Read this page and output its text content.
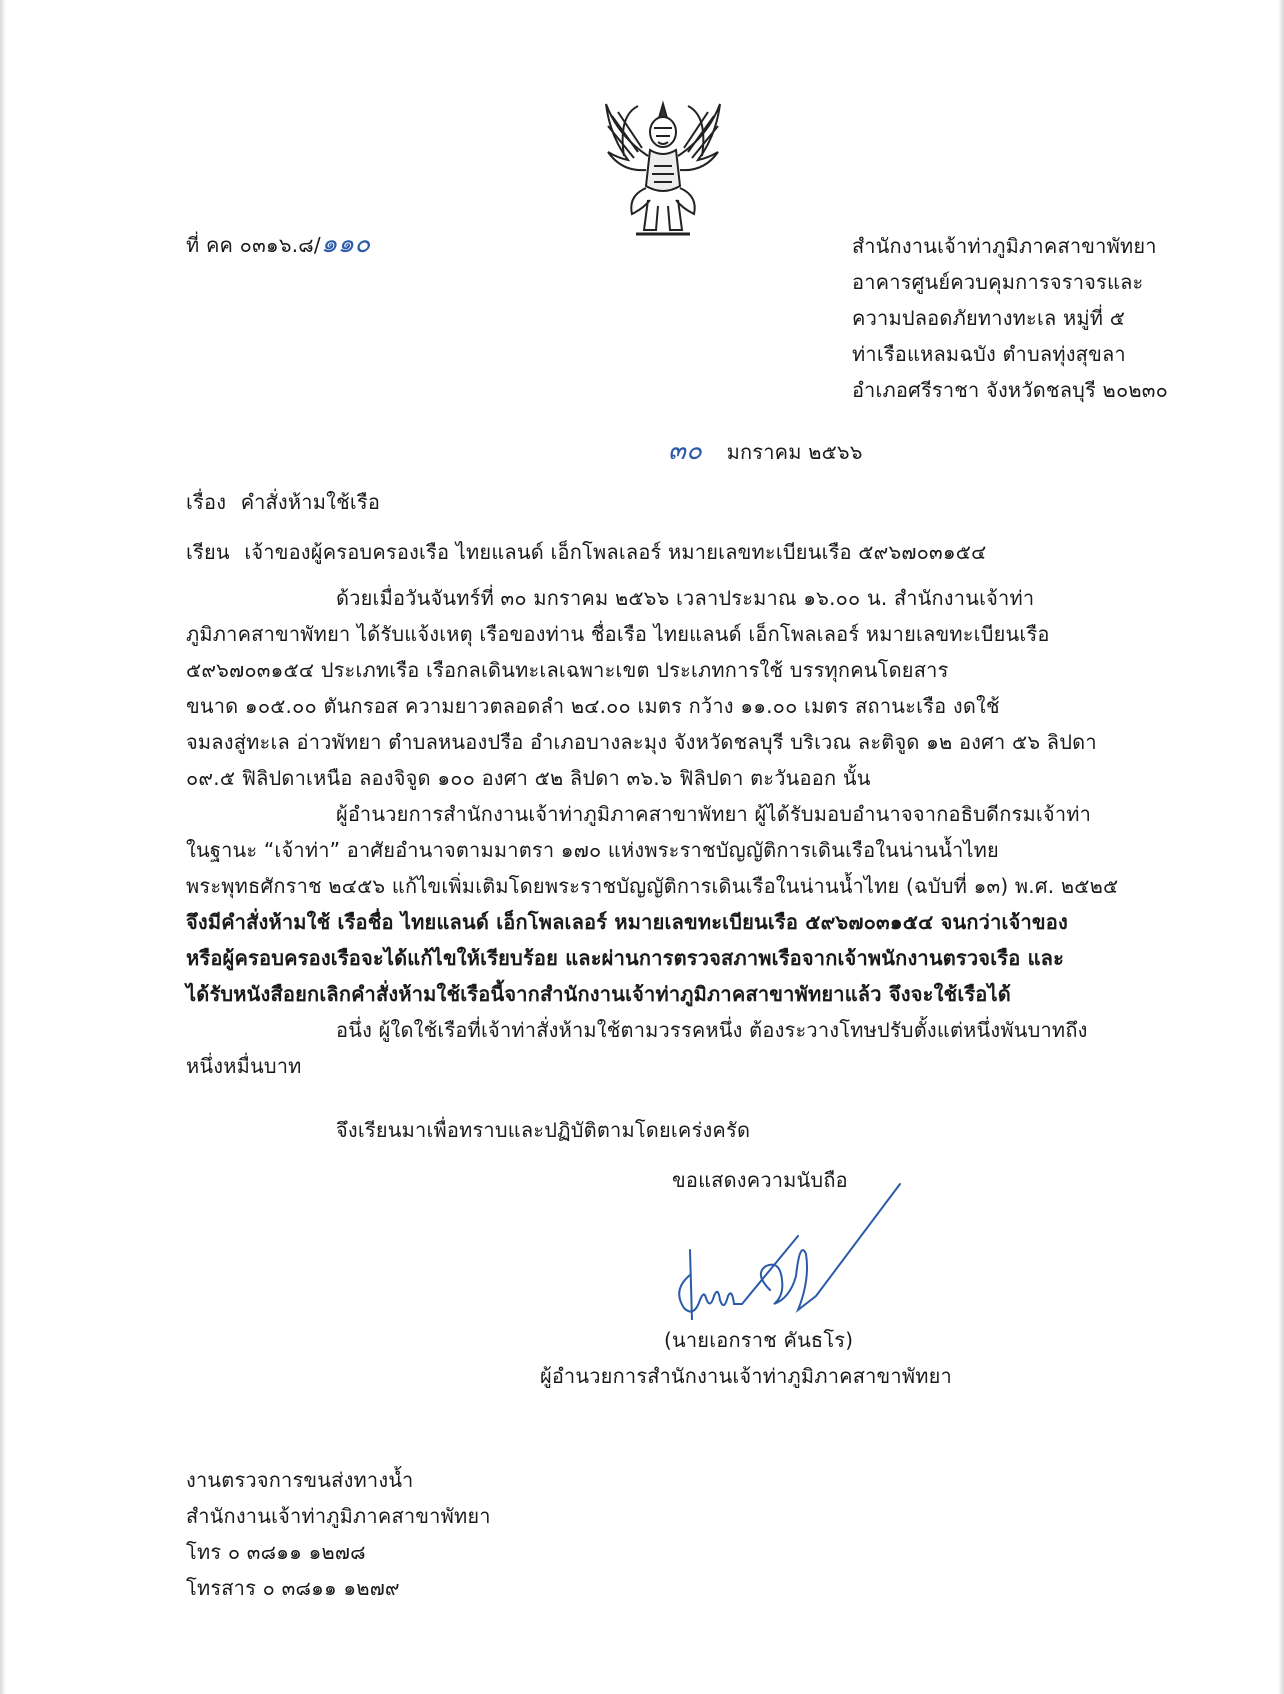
ที่ คค ๐๓๑๖.๘/๑๑๐	สำนักงานเจ้าท่าภูมิภาคสาขาพัทยา
อาคารศูนย์ควบคุมการจราจรและ
ความปลอดภัยทางทะเล หมู่ที่ ๕
ท่าเรือแหลมฉบัง ตำบลทุ่งสุขลา
อำเภอศรีราชา จังหวัดชลบุรี ๒๐๒๓๐
๓๐ มกราคม ๒๕๖๖
เรื่อง คำสั่งห้ามใช้เรือ
เรียน เจ้าของผู้ครอบครองเรือ ไทยแลนด์ เอ็กโพลเลอร์ หมายเลขทะเบียนเรือ ๕๙๖๗๐๓๑๕๔
ด้วยเมื่อวันจันทร์ที่ ๓๐ มกราคม ๒๕๖๖ เวลาประมาณ ๑๖.๐๐ น. สำนักงานเจ้าท่า
ภูมิภาคสาขาพัทยา ได้รับแจ้งเหตุ เรือของท่าน ชื่อเรือ ไทยแลนด์ เอ็กโพลเลอร์ หมายเลขทะเบียนเรือ
๕๙๖๗๐๓๑๕๔ ประเภทเรือ เรือกลเดินทะเลเฉพาะเขต ประเภทการใช้ บรรทุกคนโดยสาร
ขนาด ๑๐๕.๐๐ ตันกรอส ความยาวตลอดลำ ๒๔.๐๐ เมตร กว้าง ๑๑.๐๐ เมตร สถานะเรือ งดใช้
จมลงสู่ทะเล อ่าวพัทยา ตำบลหนองปรือ อำเภอบางละมุง จังหวัดชลบุรี บริเวณ ละติจูด ๑๒ องศา ๕๖ ลิปดา
๐๙.๕ ฟิลิปดาเหนือ ลองจิจูด ๑๐๐ องศา ๕๒ ลิปดา ๓๖.๖ ฟิลิปดา ตะวันออก นั้น
ผู้อำนวยการสำนักงานเจ้าท่าภูมิภาคสาขาพัทยา ผู้ได้รับมอบอำนาจจากอธิบดีกรมเจ้าท่า
ในฐานะ “เจ้าท่า” อาศัยอำนาจตามมาตรา ๑๗๐ แห่งพระราชบัญญัติการเดินเรือในน่านน้ำไทย
พระพุทธศักราช ๒๔๕๖ แก้ไขเพิ่มเติมโดยพระราชบัญญัติการเดินเรือในน่านน้ำไทย (ฉบับที่ ๑๓) พ.ศ. ๒๕๒๕
จึงมีคำสั่งห้ามใช้ เรือชื่อ ไทยแลนด์ เอ็กโพลเลอร์ หมายเลขทะเบียนเรือ ๕๙๖๗๐๓๑๕๔ จนกว่าเจ้าของ
หรือผู้ครอบครองเรือจะได้แก้ไขให้เรียบร้อย และผ่านการตรวจสภาพเรือจากเจ้าพนักงานตรวจเรือ และ
ได้รับหนังสือยกเลิกคำสั่งห้ามใช้เรือนี้จากสำนักงานเจ้าท่าภูมิภาคสาขาพัทยาแล้ว จึงจะใช้เรือได้
อนึ่ง ผู้ใดใช้เรือที่เจ้าท่าสั่งห้ามใช้ตามวรรคหนึ่ง ต้องระวางโทษปรับตั้งแต่หนึ่งพันบาทถึง
หนึ่งหมื่นบาท
จึงเรียนมาเพื่อทราบและปฏิบัติตามโดยเคร่งครัด
ขอแสดงความนับถือ
(นายเอกราช คันธโร)
ผู้อำนวยการสำนักงานเจ้าท่าภูมิภาคสาขาพัทยา
งานตรวจการขนส่งทางน้ำ
สำนักงานเจ้าท่าภูมิภาคสาขาพัทยา
โทร ๐ ๓๘๑๑ ๑๒๗๘
โทรสาร ๐ ๓๘๑๑ ๑๒๗๙
